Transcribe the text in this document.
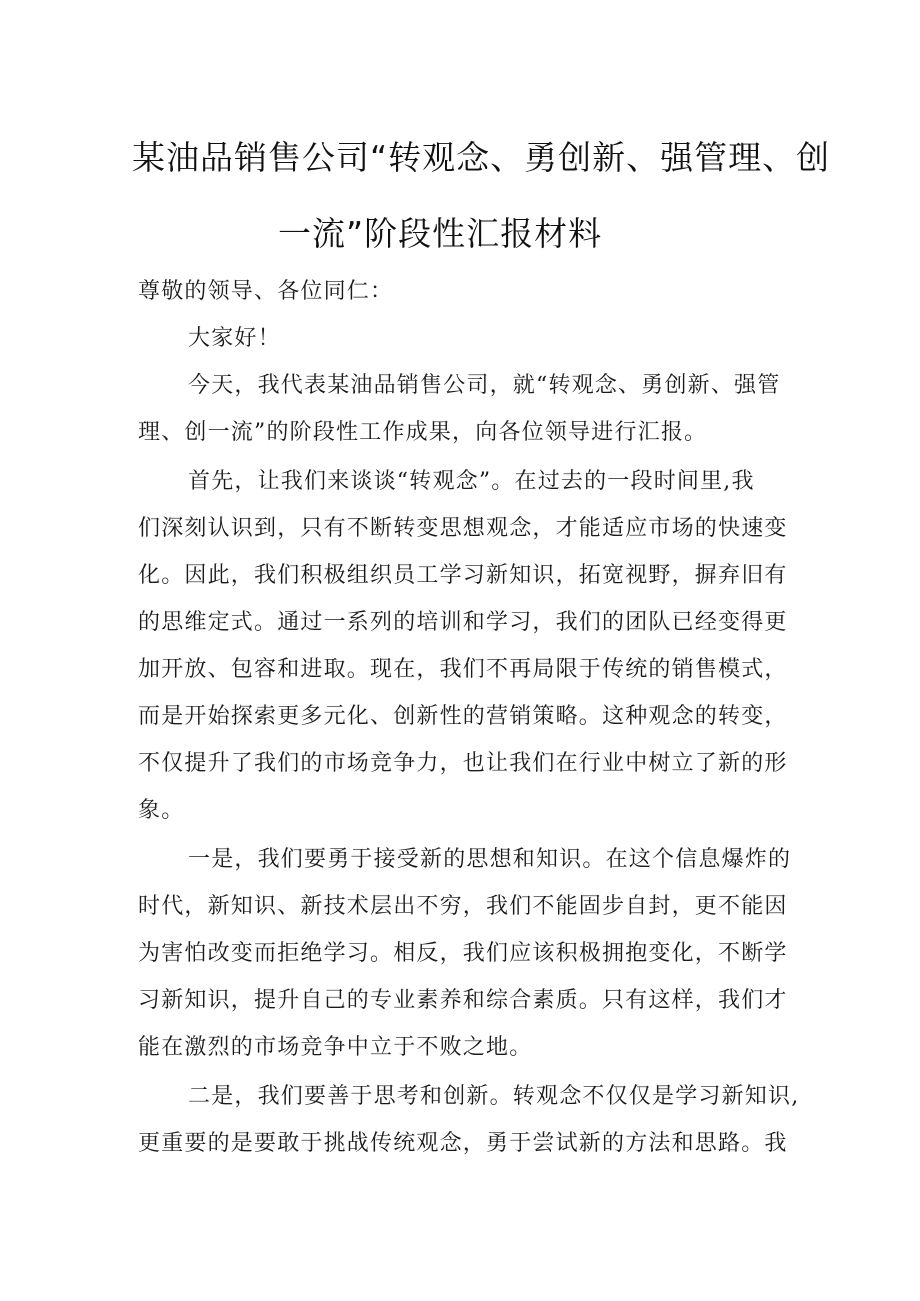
某油品销售公司“转观念、勇创新、强管理、创
一流”阶段性汇报材料
尊敬的领导、各位同仁：
大家好！
今天，我代表某油品销售公司，就“转观念、勇创新、强管
理、创一流”的阶段性工作成果，向各位领导进行汇报。
首先，让我们来谈谈“转观念”。在过去的一段时间里,我
们深刻认识到，只有不断转变思想观念，才能适应市场的快速变
化。因此，我们积极组织员工学习新知识，拓宽视野，摒弃旧有
的思维定式。通过一系列的培训和学习，我们的团队已经变得更
加开放、包容和进取。现在，我们不再局限于传统的销售模式，
而是开始探索更多元化、创新性的营销策略。这种观念的转变，
不仅提升了我们的市场竞争力，也让我们在行业中树立了新的形
象。
一是，我们要勇于接受新的思想和知识。在这个信息爆炸的
时代，新知识、新技术层出不穷，我们不能固步自封，更不能因
为害怕改变而拒绝学习。相反，我们应该积极拥抱变化，不断学
习新知识，提升自己的专业素养和综合素质。只有这样，我们才
能在激烈的市场竞争中立于不败之地。
二是，我们要善于思考和创新。转观念不仅仅是学习新知识,
更重要的是要敢于挑战传统观念，勇于尝试新的方法和思路。我
